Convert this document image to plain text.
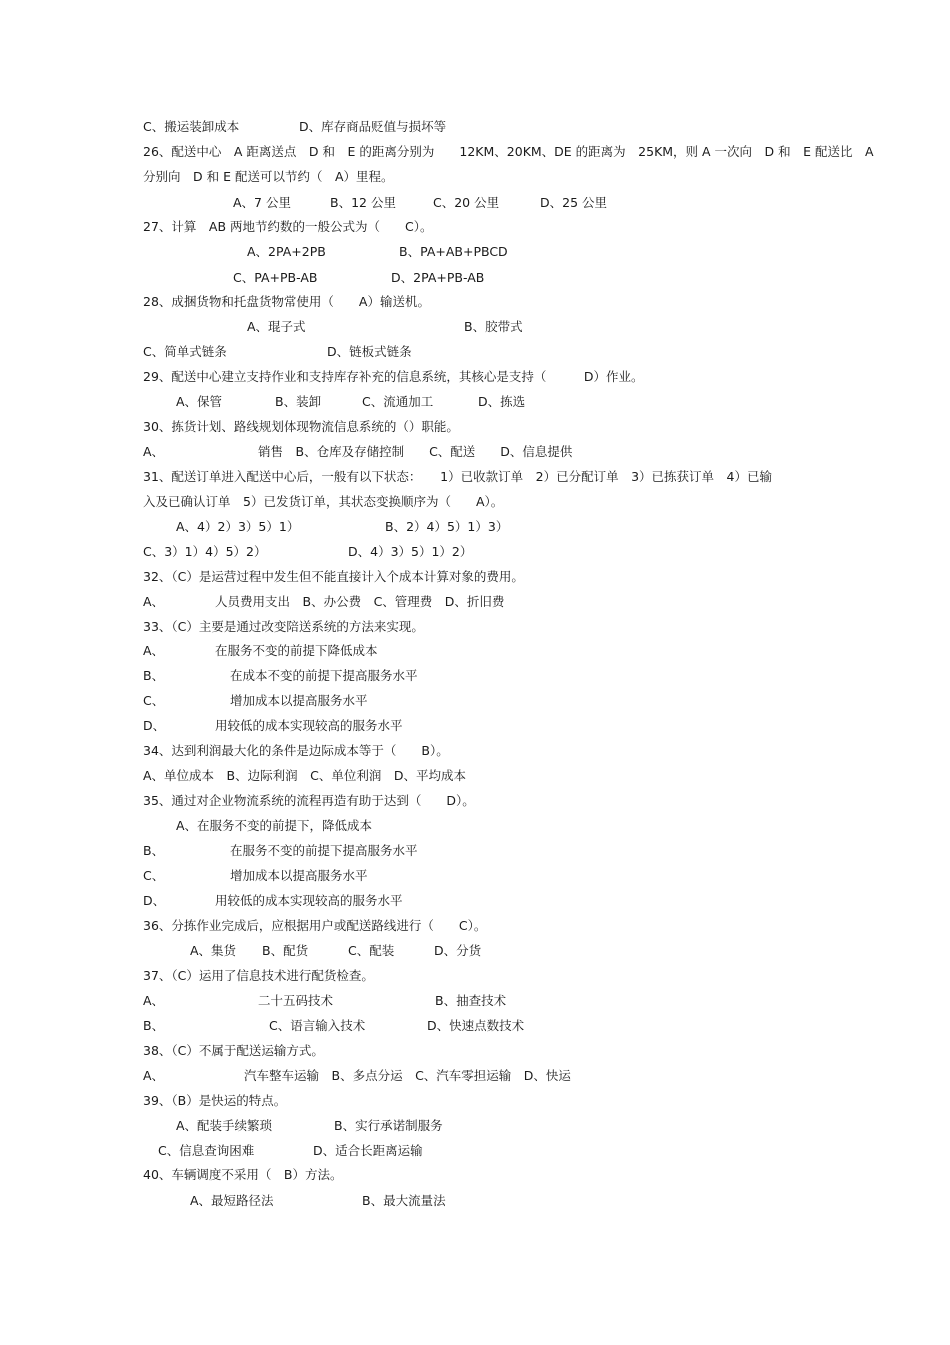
C、搬运装卸成本	D、库存商品贬值与损坏等
26、配送中心　A 距离送点　D 和　E 的距离分别为　　12KM、20KM、DE 的距离为　25KM，则 A 一次向　D 和　E 配送比　A
分别向　D 和 E 配送可以节约（　A）里程。
A、7 公里	B、12 公里	C、20 公里	D、25 公里
27、计算　AB 两地节约数的一般公式为（　　C）。
A、2PA+2PB	B、PA+AB+PBCD
C、PA+PB-AB	D、2PA+PB-AB
28、成捆货物和托盘货物常使用（　　A）输送机。
A、琨子式	B、胶带式
C、简单式链条	D、链板式链条
29、配送中心建立支持作业和支持库存补充的信息系统，其核心是支持（　　　D）作业。
A、保管	B、装卸	C、流通加工	D、拣选
30、拣货计划、路线规划体现物流信息系统的（）职能。
A、	销售　B、仓库及存储控制　　C、配送　　D、信息提供
31、配送订单进入配送中心后，一般有以下状态：　　1）已收款订单　2）已分配订单　3）已拣获订单　4）已输
入及已确认订单　5）已发货订单，其状态变换顺序为（　　A）。
A、4）2）3）5）1）	B、2）4）5）1）3）
C、3）1）4）5）2）	D、4）3）5）1）2）
32、（C）是运营过程中发生但不能直接计入个成本计算对象的费用。
A、	人员费用支出　B、办公费　C、管理费　D、折旧费
33、（C）主要是通过改变陪送系统的方法来实现。
A、	在服务不变的前提下降低成本
B、	在成本不变的前提下提高服务水平
C、	增加成本以提高服务水平
D、	用较低的成本实现较高的服务水平
34、达到利润最大化的条件是边际成本等于（　　B）。
A、单位成本　B、边际利润　C、单位利润　D、平均成本
35、通过对企业物流系统的流程再造有助于达到（　　D）。
A、在服务不变的前提下，降低成本
B、	在服务不变的前提下提高服务水平
C、	增加成本以提高服务水平
D、	用较低的成本实现较高的服务水平
36、分拣作业完成后，应根据用户或配送路线进行（　　C）。
A、集货 B、配货	C、配装	D、分货
37、（C）运用了信息技术进行配货检查。
A、	二十五码技术	B、抽查技术
B、	C、语言输入技术	D、快速点数技术
38、（C）不属于配送运输方式。
A、	汽车整车运输　B、多点分运　C、汽车零担运输　D、快运
39、（B）是快运的特点。
A、配装手续繁琐	B、实行承诺制服务
C、信息查询困难	D、适合长距离运输
40、车辆调度不采用（　B）方法。
A、最短路径法	B、最大流量法
